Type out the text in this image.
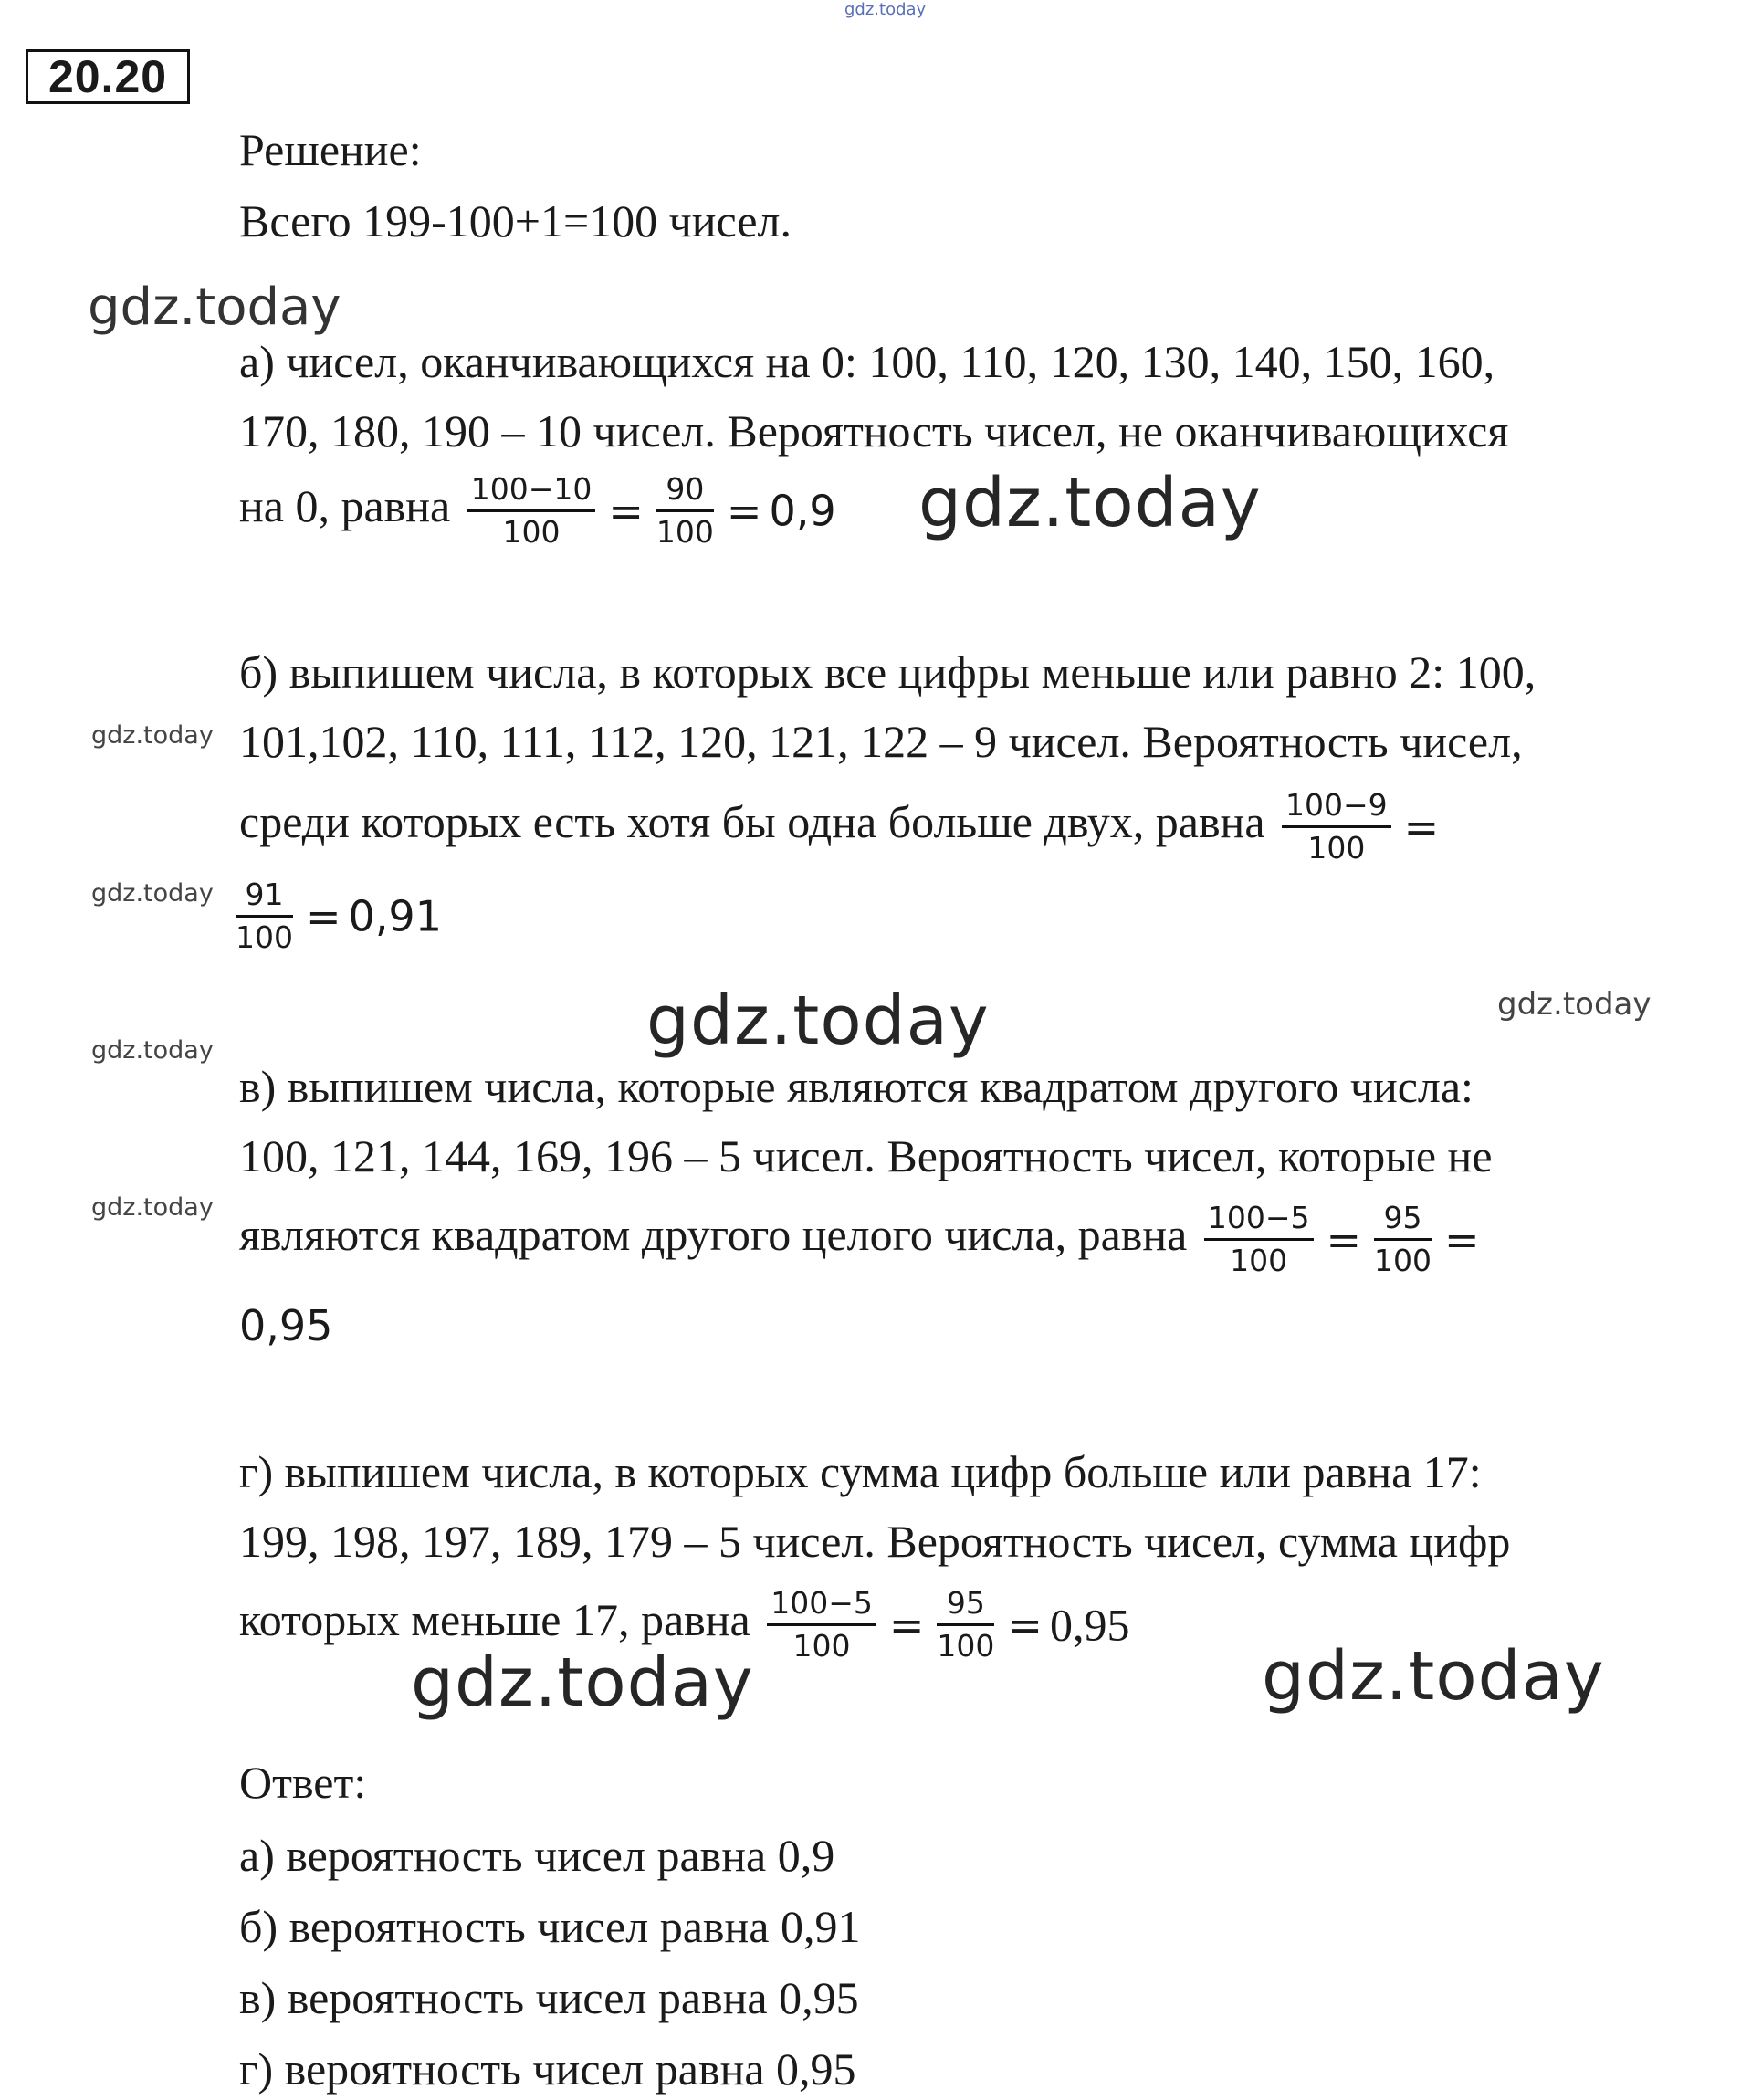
gdz.today
gdz.today
gdz.today
gdz.today
gdz.today
gdz.today
gdz.today
gdz.today
gdz.today
gdz.today	gdz.today
20.20
Решение:
Всего 199-100+1=100 чисел.
а) чисел, оканчивающихся на 0: 100, 110, 120, 130, 140, 150, 160,
170, 180, 190 – 10 чисел. Вероятность чисел, не оканчивающихся
на 0, равна $\frac{100-10}{100} = \frac{90}{100} = 0,9$
б) выпишем числа, в которых все цифры меньше или равно 2: 100,
101,102, 110, 111, 112, 120, 121, 122 – 9 чисел. Вероятность чисел,
среди которых есть хотя бы одна больше двух, равна $\frac{100-9}{100}$ =
$\frac{91}{100} = 0,91$
в) выпишем числа, которые являются квадратом другого числа:
100, 121, 144, 169, 196 – 5 чисел. Вероятность чисел, которые не
являются квадратом другого целого числа, равна $\frac{100-5}{100} = \frac{95}{100}$ =
0,95
г) выпишем числа, в которых сумма цифр больше или равна 17:
199, 198, 197, 189, 179 – 5 чисел. Вероятность чисел, сумма цифр
которых меньше 17, равна $\frac{100-5}{100} = \frac{95}{100} = 0,95$
Ответ:
а) вероятность чисел равна 0,9
б) вероятность чисел равна 0,91
в) вероятность чисел равна 0,95
г) вероятность чисел равна 0,95
